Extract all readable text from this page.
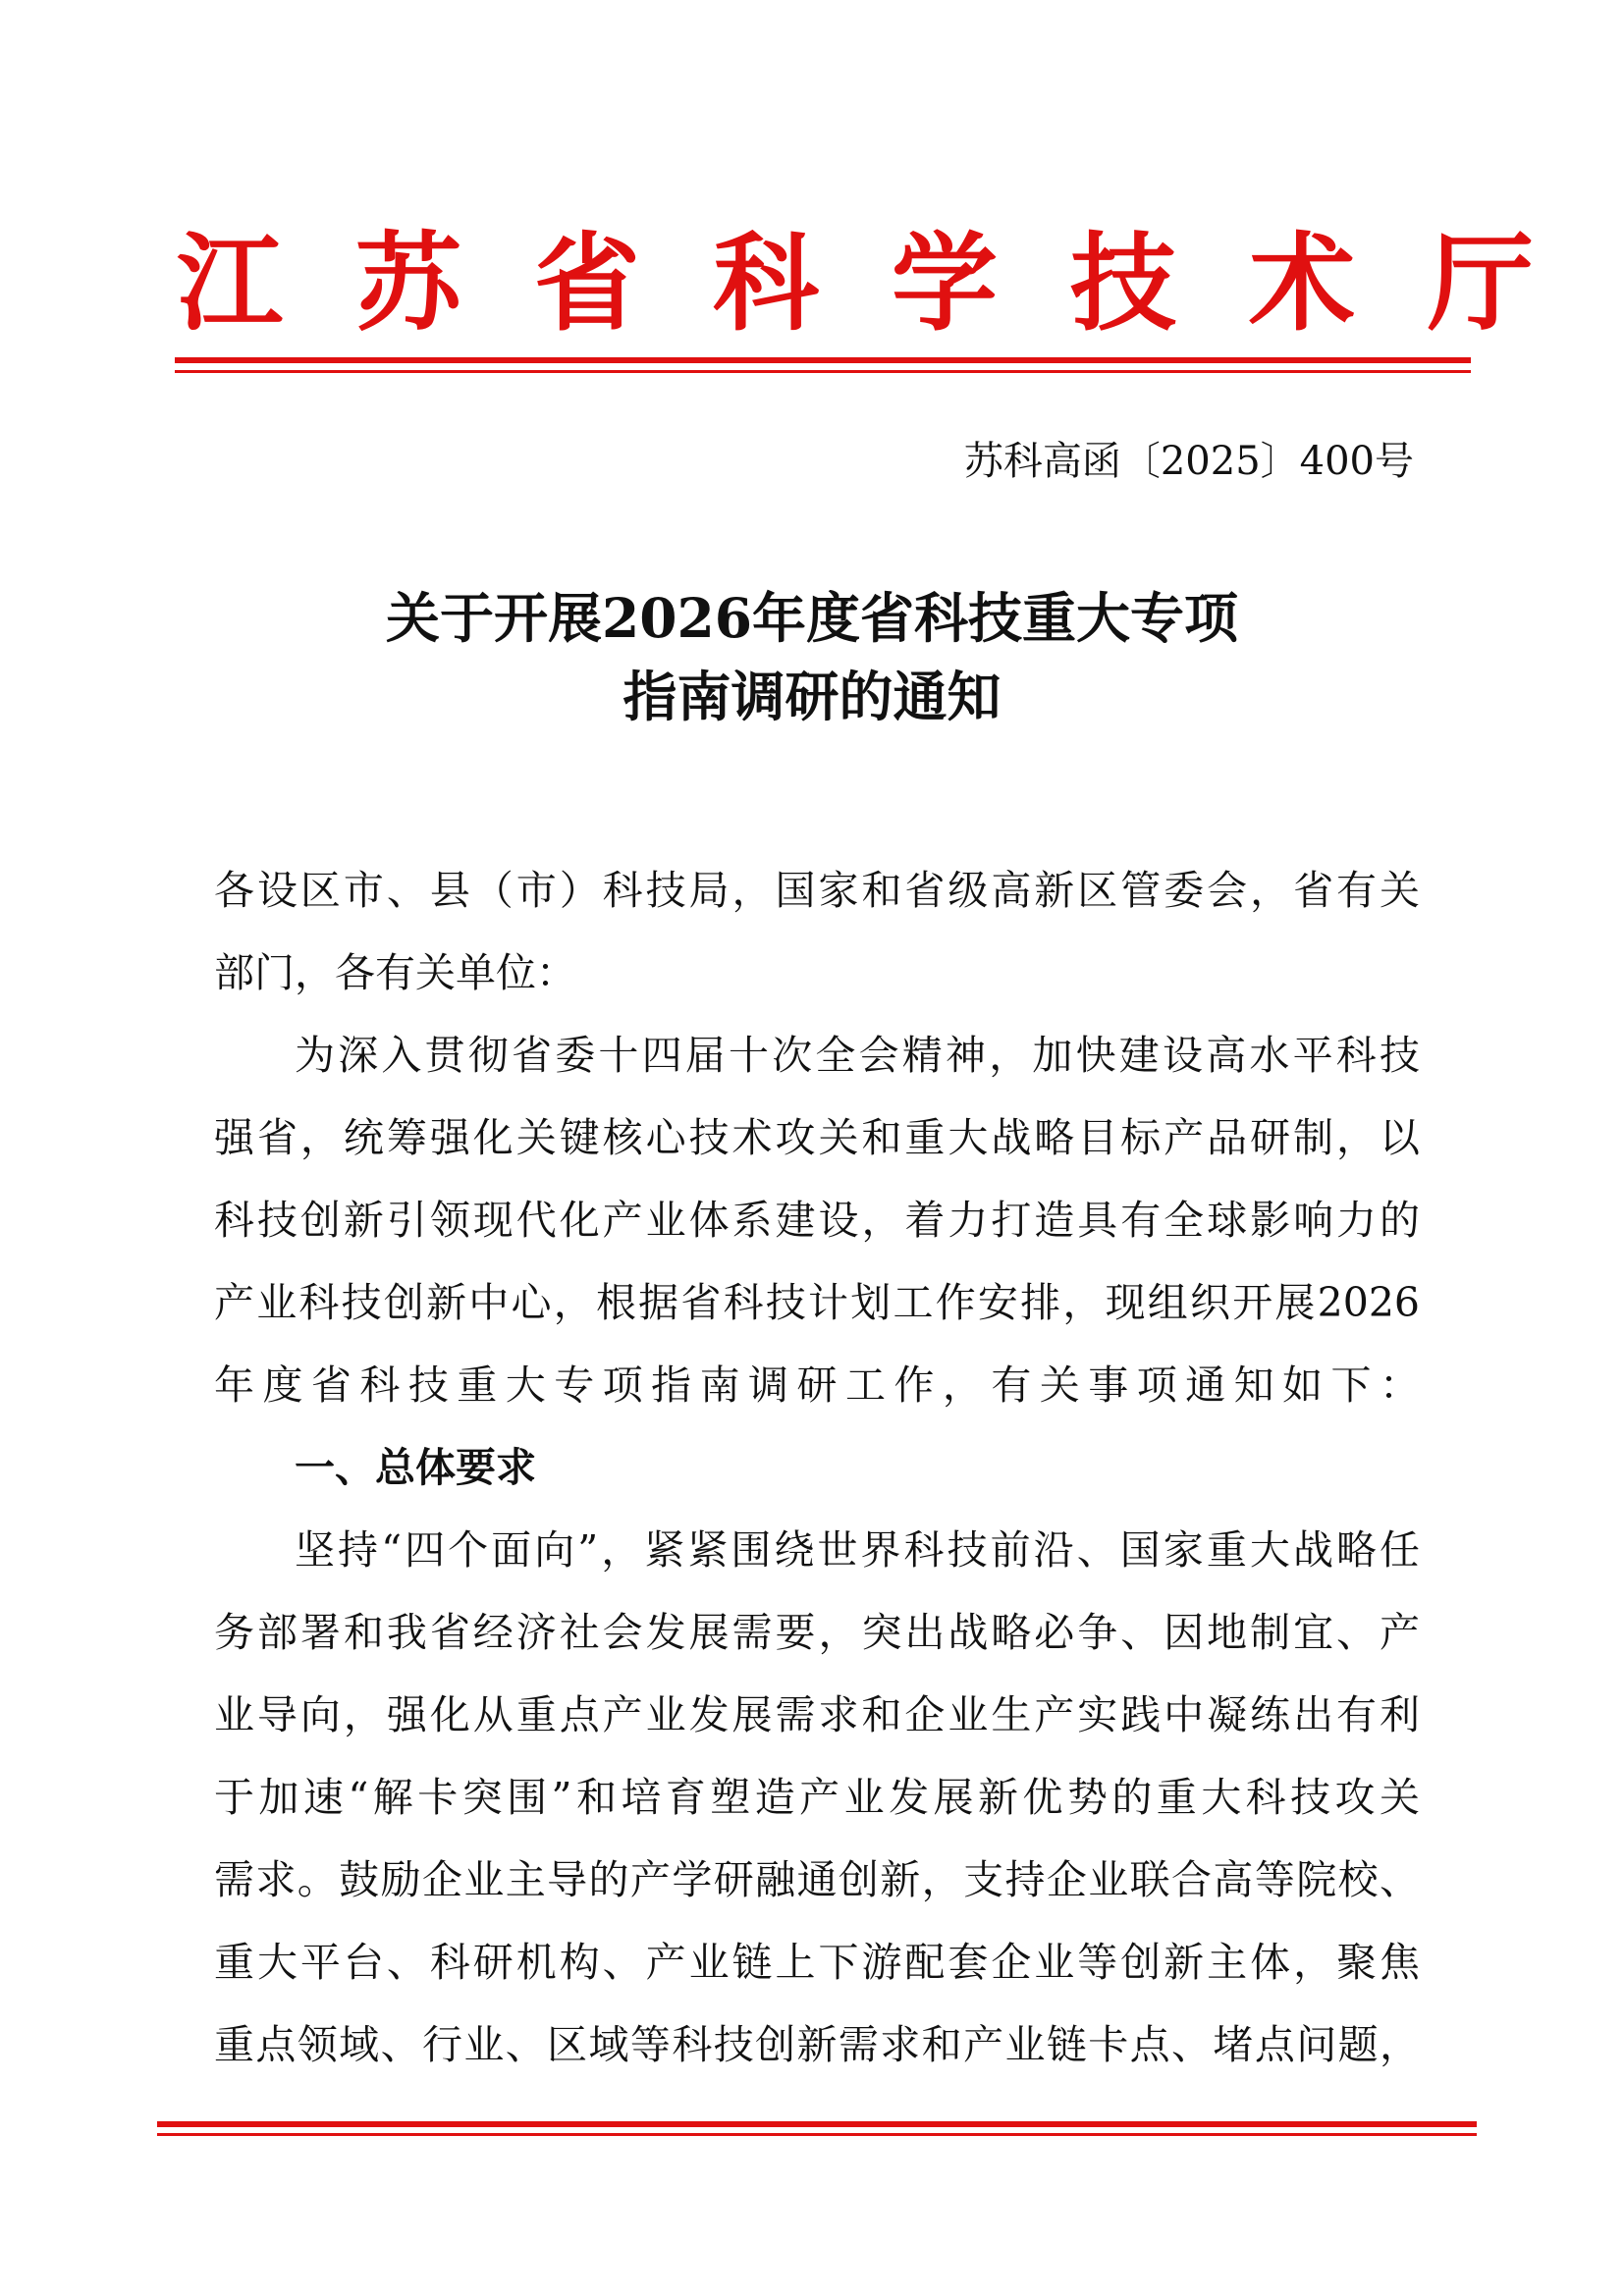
江苏省科学技术厅
苏科高函〔2025〕400号
关于开展2026年度省科技重大专项
指南调研的通知
各设区市、县（市）科技局，国家和省级高新区管委会，省有关
部门，各有关单位：
为深入贯彻省委十四届十次全会精神，加快建设高水平科技
强省，统筹强化关键核心技术攻关和重大战略目标产品研制，以
科技创新引领现代化产业体系建设，着力打造具有全球影响力的
产业科技创新中心，根据省科技计划工作安排，现组织开展2026
年度省科技重大专项指南调研工作，有关事项通知如下：
一、总体要求
坚持“四个面向”，紧紧围绕世界科技前沿、国家重大战略任
务部署和我省经济社会发展需要，突出战略必争、因地制宜、产
业导向，强化从重点产业发展需求和企业生产实践中凝练出有利
于加速“解卡突围”和培育塑造产业发展新优势的重大科技攻关
需求。鼓励企业主导的产学研融通创新，支持企业联合高等院校、
重大平台、科研机构、产业链上下游配套企业等创新主体，聚焦
重点领域、行业、区域等科技创新需求和产业链卡点、堵点问题，
